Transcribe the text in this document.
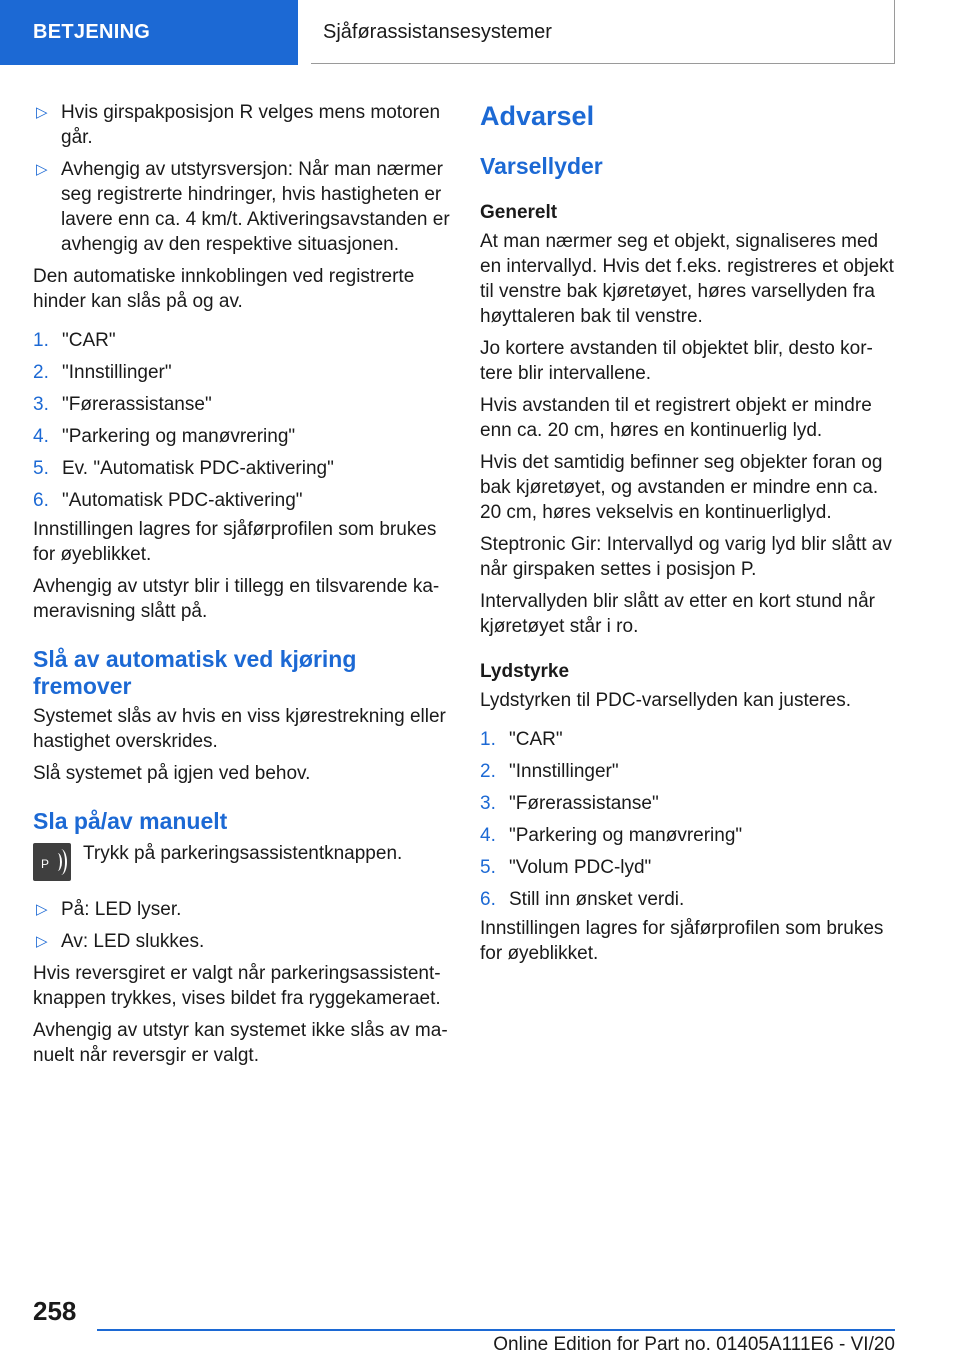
BETJENING	Sjåførassistansesystemer
▷ Hvis girspakposisjon R velges mens motoren går.
▷ Avhengig av utstyrsversjon: Når man nærmer seg registrerte hindringer, hvis hastigheten er lavere enn ca. 4 km/t. Aktiveringsavstanden er avhengig av den respektive situasjonen.

Den automatiske innkoblingen ved registrerte hinder kan slås på og av.

1. "CAR"
2. "Innstillinger"
3. "Førerassistanse"
4. "Parkering og manøvrering"
5. Ev. "Automatisk PDC-aktivering"
6. "Automatisk PDC-aktivering"

Innstillingen lagres for sjåførprofilen som brukes for øyeblikket.

Avhengig av utstyr blir i tillegg en tilsvarende ka-meravisning slått på.

Slå av automatisk ved kjøring fremover

Systemet slås av hvis en viss kjørestrekning eller hastighet overskrides.

Slå systemet på igjen ved behov.

Sla på/av manuelt
P Trykk på parkeringsassistentknappen.
▷ På: LED lyser.
▷ Av: LED slukkes.

Hvis reversgiret er valgt når parkeringsassistent-knappen trykkes, vises bildet fra ryggekameraet.

Avhengig av utstyr kan systemet ikke slås av ma-nuelt når reversgir er valgt.

Advarsel
Varsellyder
Generelt

At man nærmer seg et objekt, signaliseres med en intervallyd. Hvis det f.eks. registreres et objekt til venstre bak kjøretøyet, høres varsellyden fra høyttaleren bak til venstre.

Jo kortere avstanden til objektet blir, desto kor-tere blir intervallene.

Hvis avstanden til et registrert objekt er mindre enn ca. 20 cm, høres en kontinuerlig lyd.

Hvis det samtidig befinner seg objekter foran og bak kjøretøyet, og avstanden er mindre enn ca. 20 cm, høres vekselvis en kontinuerliglyd.

Steptronic Gir: Intervallyd og varig lyd blir slått av når girspaken settes i posisjon P.

Intervallyden blir slått av etter en kort stund når kjøretøyet står i ro.

Lydstyrke

Lydstyrken til PDC-varsellyden kan justeres.

1. "CAR"
2. "Innstillinger"
3. "Førerassistanse"
4. "Parkering og manøvrering"
5. "Volum PDC-lyd"
6. Still inn ønsket verdi.

Innstillingen lagres for sjåførprofilen som brukes for øyeblikket.

258
Online Edition for Part no. 01405A111E6 - VI/20
